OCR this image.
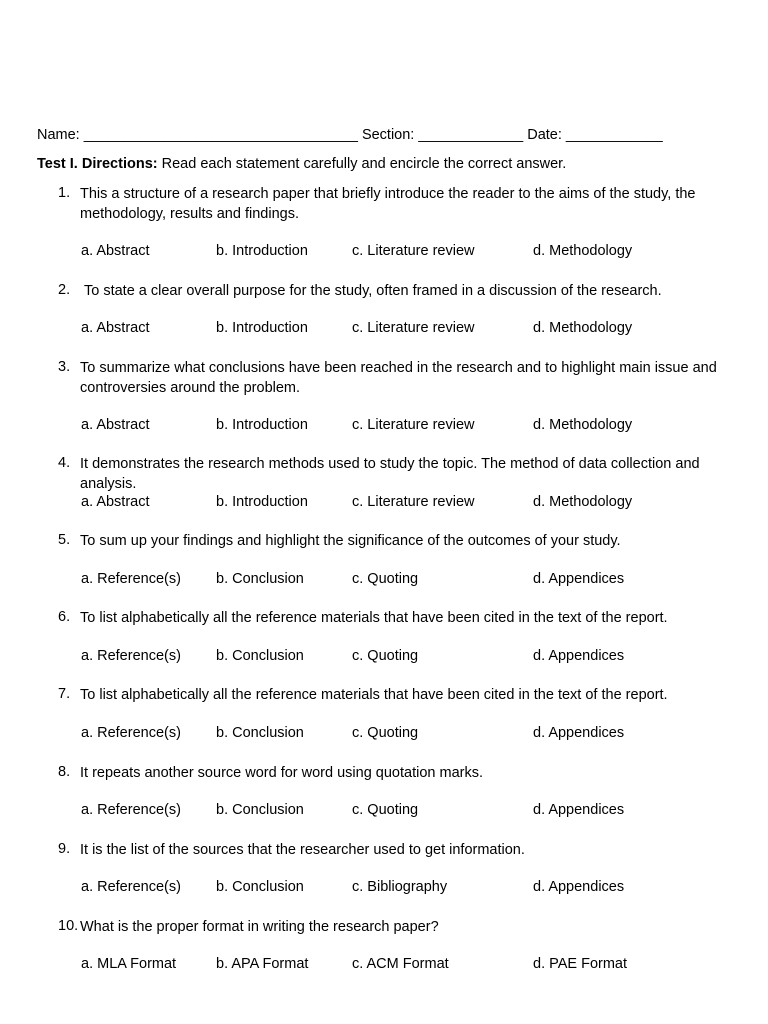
Name: __________________________________ Section: _____________ Date: ____________
Test I. Directions: Read each statement carefully and encircle the correct answer.
1. This a structure of a research paper that briefly introduce the reader to the aims of the study, the methodology, results and findings.
a. Abstract	b. Introduction	c. Literature review	d. Methodology
2. To state a clear overall purpose for the study, often framed in a discussion of the research.
a. Abstract	b. Introduction	c. Literature review	d. Methodology
3. To summarize what conclusions have been reached in the research and to highlight main issue and controversies around the problem.
a. Abstract	b. Introduction	c. Literature review	d. Methodology
4. It demonstrates the research methods used to study the topic. The method of data collection and analysis.
a. Abstract	b. Introduction	c. Literature review	d. Methodology
5. To sum up your findings and highlight the significance of the outcomes of your study.
a. Reference(s) b. Conclusion	c. Quoting	d. Appendices
6. To list alphabetically all the reference materials that have been cited in the text of the report.
a. Reference(s) b. Conclusion	c. Quoting	d. Appendices
7. To list alphabetically all the reference materials that have been cited in the text of the report.
a. Reference(s) b. Conclusion	c. Quoting	d. Appendices
8. It repeats another source word for word using quotation marks.
a. Reference(s) b. Conclusion	c. Quoting	d. Appendices
9. It is the list of the sources that the researcher used to get information.
a. Reference(s) b. Conclusion	c. Bibliography	d. Appendices
10. What is the proper format in writing the research paper?
a. MLA Format	b. APA Format	c. ACM Format	d. PAE Format
